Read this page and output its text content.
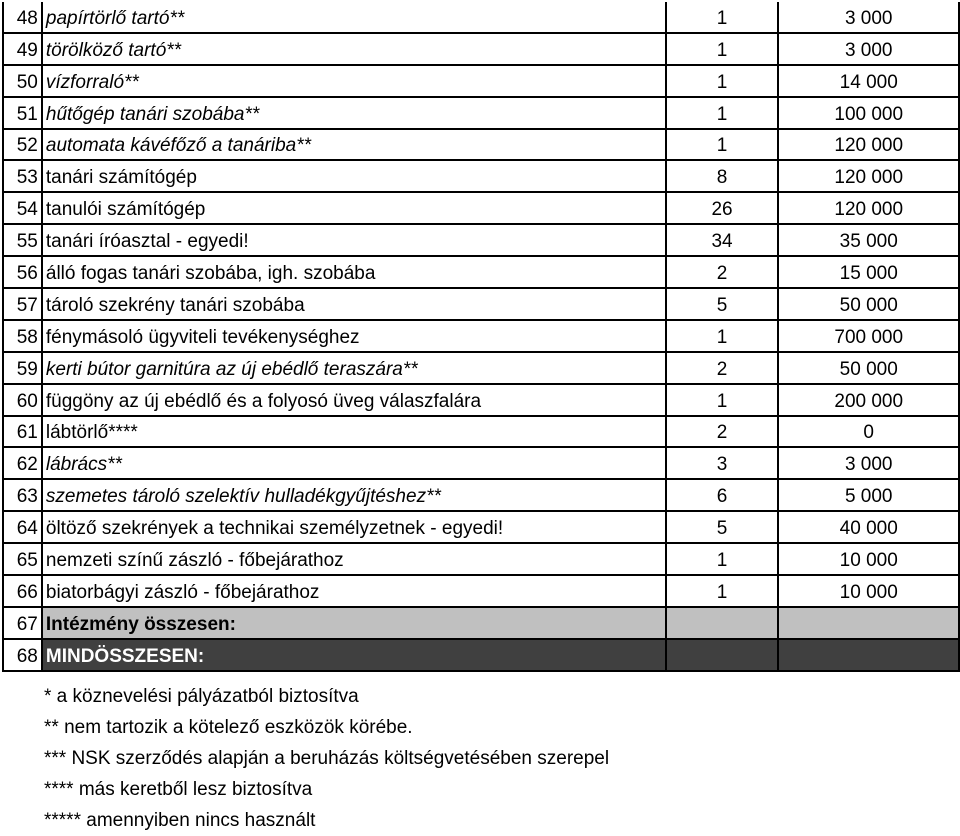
48	papírtörlő tartó**	1	3 000
49	törölköző tartó**	1	3 000
50	vízforraló**	1	14 000
51	hűtőgép tanári szobába**	1	100 000
52	automata kávéfőző a tanáriba**	1	120 000
53	tanári számítógép	8	120 000
54	tanulói számítógép	26	120 000
55	tanári íróasztal - egyedi!	34	35 000
56	álló fogas tanári szobába, igh. szobába	2	15 000
57	tároló szekrény tanári szobába	5	50 000
58	fénymásoló ügyviteli tevékenységhez	1	700 000
59	kerti bútor garnitúra az új ebédlő teraszára**	2	50 000
60	függöny az új ebédlő és a folyosó üveg válaszfalára	1	200 000
61	lábtörlő****	2	0
62	lábrács**	3	3 000
63	szemetes tároló szelektív hulladékgyűjtéshez**	6	5 000
64	öltöző szekrények a technikai személyzetnek - egyedi!	5	40 000
65	nemzeti színű zászló - főbejárathoz	1	10 000
66	biatorbágyi zászló - főbejárathoz	1	10 000
67	Intézmény összesen:		
68	MINDÖSSZESEN:		
* a köznevelési pályázatból biztosítva
** nem tartozik a kötelező eszközök körébe.
*** NSK szerződés alapján a beruházás költségvetésében szerepel
**** más keretből lesz biztosítva
***** amennyiben nincs használt
